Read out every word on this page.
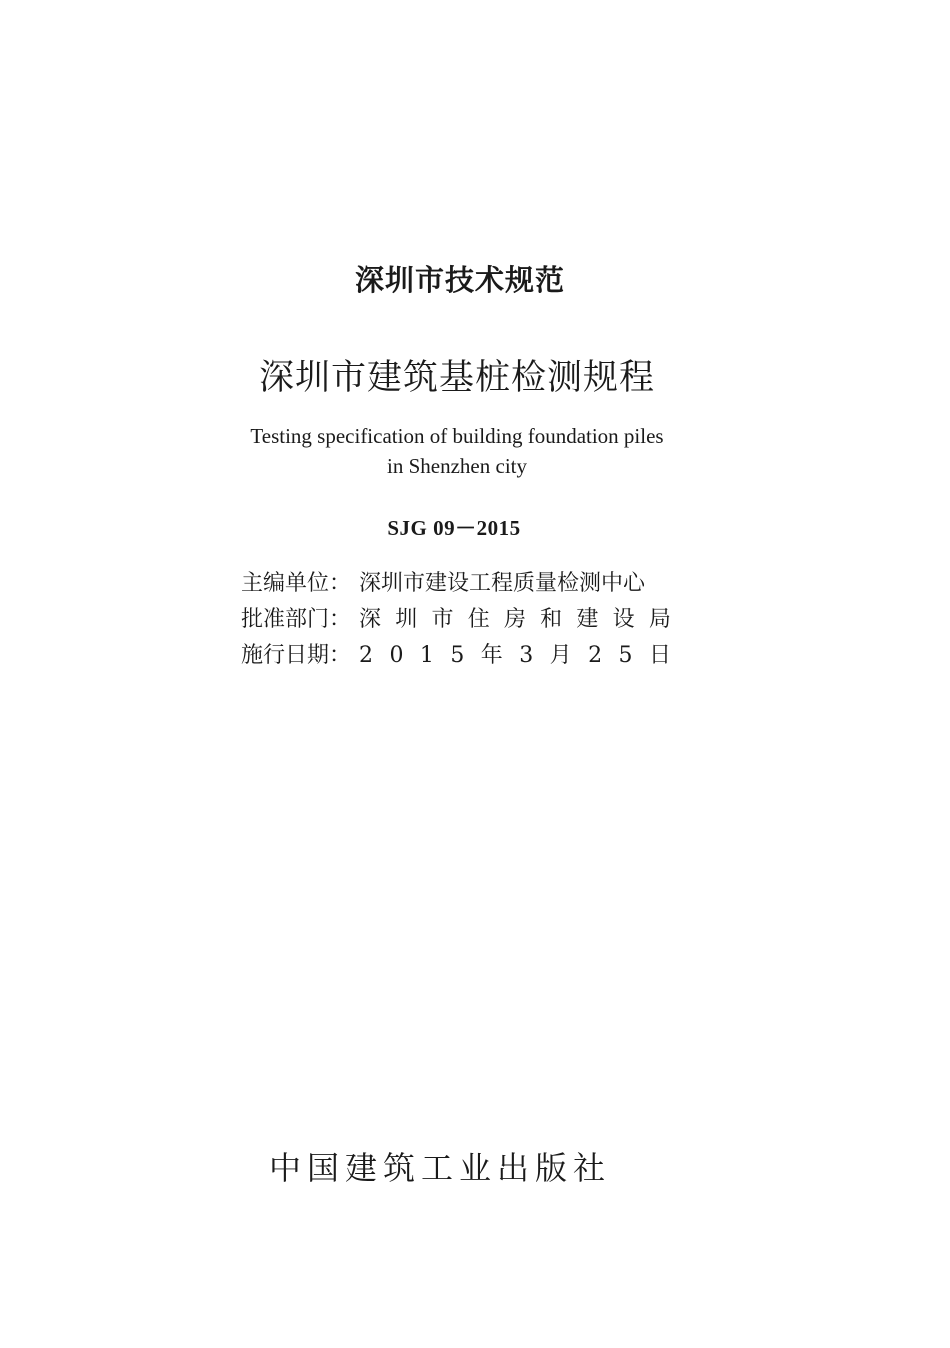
深圳市技术规范
深圳市建筑基桩检测规程
Testing specification of building foundation piles
in Shenzhen city
SJG 09－2015
主编单位： 深圳市建设工程质量检测中心
批准部门： 深 圳 市 住 房 和 建 设 局
施行日期： 2 0 1 5 年 3 月 2 5 日
中国建筑工业出版社
